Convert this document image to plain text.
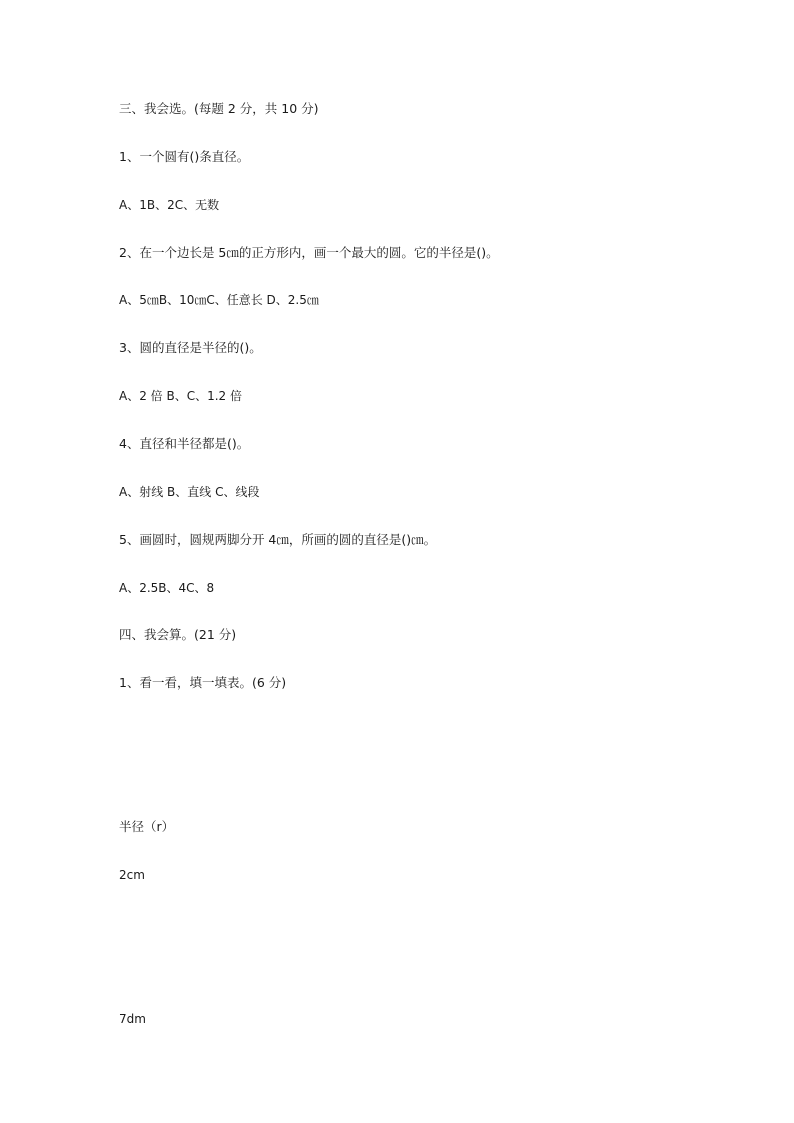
三、我会选。(每题 2 分，共 10 分)
1、一个圆有()条直径。
A、1B、2C、无数
2、在一个边长是 5㎝的正方形内，画一个最大的圆。它的半径是()。
A、5㎝B、10㎝C、任意长 D、2.5㎝
3、圆的直径是半径的()。
A、2 倍 B、C、1.2 倍
4、直径和半径都是()。
A、射线 B、直线 C、线段
5、画圆时，圆规两脚分开 4㎝，所画的圆的直径是()㎝。
A、2.5B、4C、8
四、我会算。(21 分)
1、看一看，填一填表。(6 分)
半径（r）
2cm
7dm
